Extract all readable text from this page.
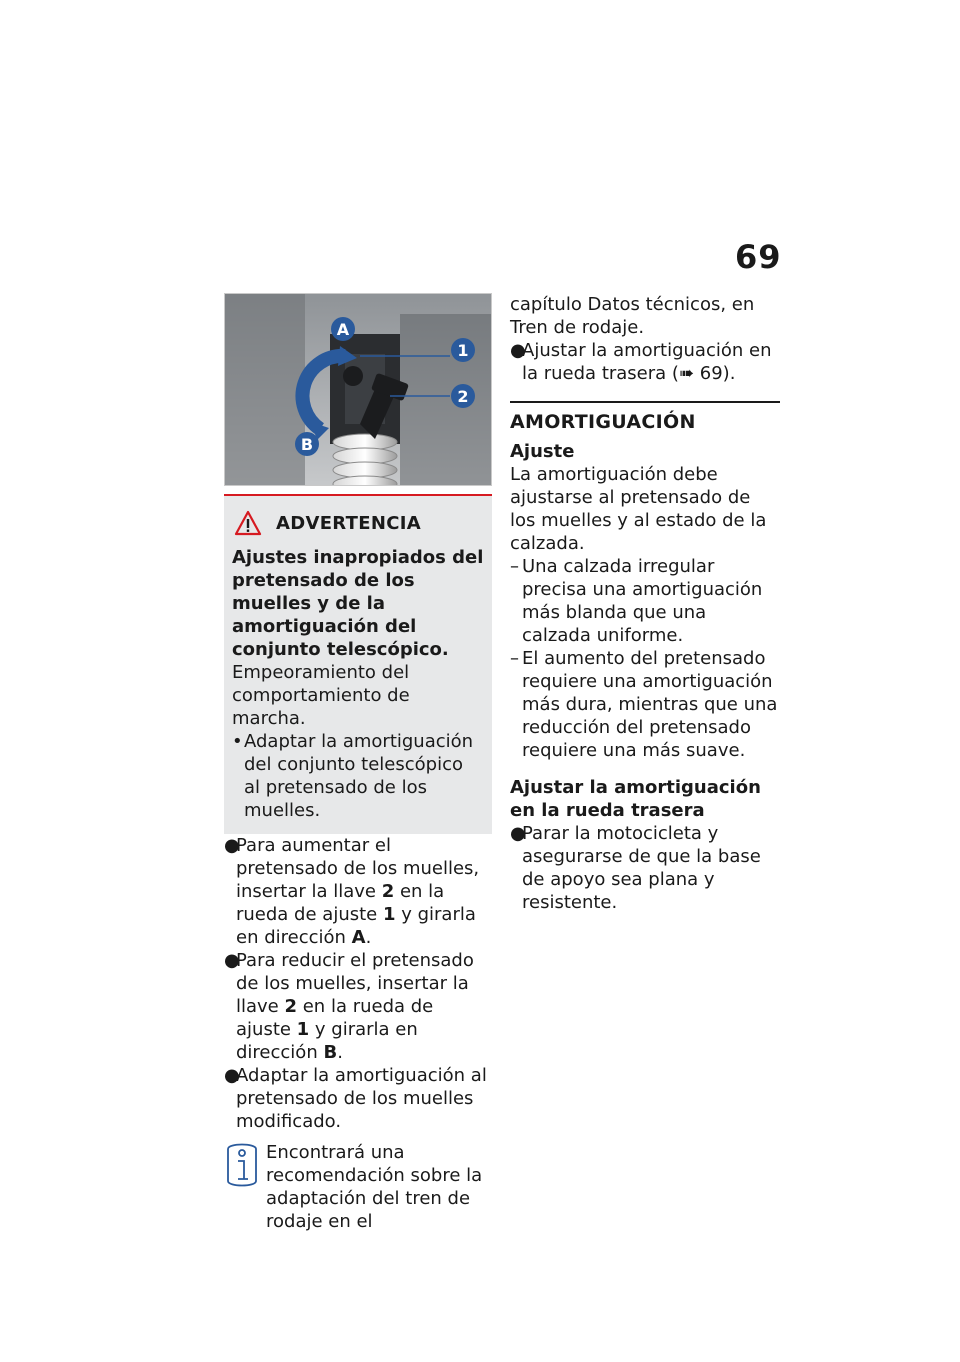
69
A
B
1
2
ADVERTENCIA

Ajustes inapropiados del pretensado de los muelles y de la amortiguación del conjunto telescópico.

Empeoramiento del comportamiento de marcha.

• Adaptar la amortiguación del conjunto telescópico al pretensado de los muelles.
●
Para aumentar el pretensado de los muelles, insertar la llave 2 en la rueda de ajuste 1 y girarla en dirección A.
●
Para reducir el pretensado de los muelles, insertar la llave 2 en la rueda de ajuste 1 y girarla en dirección B.
●
Adaptar la amortiguación al pretensado de los muelles modificado.

Encontrará una recomendación sobre la adaptación del tren de rodaje en el

capítulo Datos técnicos, en Tren de rodaje.

●
Ajustar la amortiguación en la rueda trasera (➠ 69).
AMORTIGUACIÓN
Ajuste

La amortiguación debe ajustarse al pretensado de los muelles y al estado de la calzada.

– Una calzada irregular precisa una amortiguación más blanda que una calzada uniforme.
– El aumento del pretensado requiere una amortiguación más dura, mientras que una reducción del pretensado requiere una más suave.
Ajustar la amortiguación en la rueda trasera
●
Parar la motocicleta y asegurarse de que la base de apoyo sea plana y resistente.
